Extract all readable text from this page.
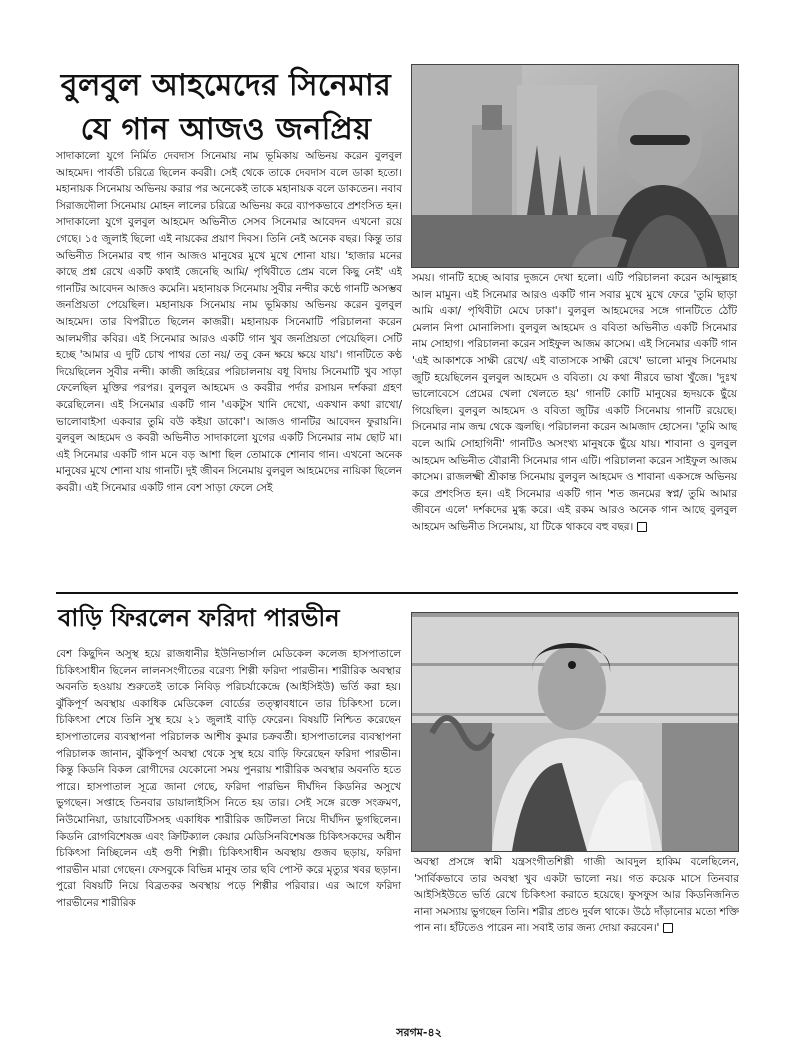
বুলবুল আহমেদের সিনেমার
যে গান আজও জনপ্রিয়

সাদাকালো যুগে নির্মিত দেবদাস সিনেমায় নাম ভূমিকায় অভিনয় করেন বুলবুল আহমেদ। পার্বতী চরিত্রে ছিলেন কবরী। সেই থেকে তাকে দেবদাস বলে ডাকা হতো। মহানায়ক সিনেমায় অভিনয় করার পর অনেকেই তাকে মহানায়ক বলে ডাকতেন। নবাব সিরাজদৌলা সিনেমায় মোহন লালের চরিত্রে অভিনয় করে ব্যাপকভাবে প্রশংসিত হন। সাদাকালো যুগে বুলবুল আহমেদ অভিনীত সেসব সিনেমার আবেদন এখনো রয়ে গেছে। ১৫ জুলাই ছিলো এই নায়কের প্রয়াণ দিবস। তিনি নেই অনেক বছর। কিন্তু তার অভিনীত সিনেমার বহু গান আজও মানুষের মুখে মুখে শোনা যায়। 'হাজার মনের কাছে প্রশ্ন রেখে একটি কথাই জেনেছি আমি/ পৃথিবীতে প্রেম বলে কিছু নেই' এই গানটির আবেদন আজও কমেনি। মহানায়ক সিনেমায় সুবীর নন্দীর কণ্ঠে গানটি অসম্ভব জনপ্রিয়তা পেয়েছিল। মহানায়ক সিনেমায় নাম ভূমিকায় অভিনয় করেন বুলবুল আহমেদ। তার বিপরীতে ছিলেন কাজরী। মহানায়ক সিনেমাটি পরিচালনা করেন আলমগীর কবির। এই সিনেমার আরও একটি গান খুব জনপ্রিয়তা পেয়েছিল। সেটি হচ্ছে 'আমার এ দুটি চোখ পাথর তো নয়/ তবু কেন ক্ষয়ে ক্ষয়ে যায়'। গানটিতে কণ্ঠ দিয়েছিলেন সুবীর নন্দী। কাজী জহিরের পরিচালনায় বধূ বিদায় সিনেমাটি খুব সাড়া ফেলেছিল মুক্তির পরপর। বুলবুল আহমেদ ও কবরীর পর্দার রসায়ন দর্শকরা গ্রহণ করেছিলেন। এই সিনেমার একটি গান 'একটুস খানি দেখো, একখান কথা রাখো/ ভালোবাইসা একবার তুমি বউ কইয়া ডাকো'। আজও গানটির আবেদন ফুরায়নি। বুলবুল আহমেদ ও কবরী অভিনীত সাদাকালো যুগের একটি সিনেমার নাম ছোট মা। এই সিনেমার একটি গান মনে বড় আশা ছিল তোমাকে শোনাব গান। এখনো অনেক মানুষের মুখে শোনা যায় গানটি। দুই জীবন সিনেমায় বুলবুল আহমেদের নায়িকা ছিলেন কবরী। এই সিনেমার একটি গান বেশ সাড়া ফেলে সেই

সময়। গানটি হচ্ছে আবার দুজনে দেখা হলো। এটি পরিচালনা করেন আব্দুল্লাহ আল মামুন। এই সিনেমার আরও একটি গান সবার মুখে মুখে ফেরে 'তুমি ছাড়া আমি একা/ পৃথিবীটা মেঘে ঢাকা'। বুলবুল আহমেদের সঙ্গে গানটিতে ঠোঁট মেলান নিপা মোনালিসা। বুলবুল আহমেদ ও ববিতা অভিনীত একটি সিনেমার নাম সোহাগ। পরিচালনা করেন সাইফুল আজম কাসেম। এই সিনেমার একটি গান 'এই আকাশকে সাক্ষী রেখে/ এই বাতাসকে সাক্ষী রেখে' ভালো মানুষ সিনেমায় জুটি হয়েছিলেন বুলবুল আহমেদ ও ববিতা। যে কথা নীরবে ভাষা খুঁজে। 'দুঃখ ভালোবেসে প্রেমের খেলা খেলতে হয়' গানটি কোটি মানুষের হৃদয়কে ছুঁয়ে গিয়েছিল। বুলবুল আহমেদ ও ববিতা জুটির একটি সিনেমায় গানটি রয়েছে। সিনেমার নাম জন্ম থেকে জ্বলছি। পরিচালনা করেন আমজাদ হোসেন। 'তুমি আছ বলে আমি সোহাগিনী' গানটিও অসংখ্য মানুষকে ছুঁয়ে যায়। শাবানা ও বুলবুল আহমেদ অভিনীত বৌরানী সিনেমার গান এটি। পরিচালনা করেন সাইফুল আজম কাসেম। রাজলক্ষ্মী শ্রীকান্ত সিনেমায় বুলবুল আহমেদ ও শাবানা একসঙ্গে অভিনয় করে প্রশংসিত হন। এই সিনেমার একটি গান 'শত জনমের স্বপ্ন/ তুমি আমার জীবনে এলে' দর্শকদের মুগ্ধ করে। এই রকম আরও অনেক গান আছে বুলবুল আহমেদ অভিনীত সিনেমায়, যা টিকে থাকবে বহু বছর।

বাড়ি ফিরলেন ফরিদা পারভীন

বেশ কিছুদিন অসুস্থ হয়ে রাজধানীর ইউনিভার্সাল মেডিকেল কলেজ হাসপাতালে চিকিৎসাধীন ছিলেন লালনসংগীতের বরেণ্য শিল্পী ফরিদা পারভীন। শারীরিক অবস্থার অবনতি হওয়ায় শুরুতেই তাকে নিবিড় পরিচর্যাকেন্দ্রে (আইসিইউ) ভর্তি করা হয়। ঝুঁকিপূর্ণ অবস্থায় একাধিক মেডিকেল বোর্ডের তত্ত্বাবধানে তার চিকিৎসা চলে। চিকিৎসা শেষে তিনি সুস্থ হয়ে ২১ জুলাই বাড়ি ফেরেন। বিষয়টি নিশ্চিত করেছেন হাসপাতালের ব্যবস্থাপনা পরিচালক আশীষ কুমার চক্রবর্তী। হাসপাতালের ব্যবস্থাপনা পরিচালক জানান, ঝুঁকিপূর্ণ অবস্থা থেকে সুস্থ হয়ে বাড়ি ফিরেছেন ফরিদা পারভীন। কিন্তু কিডনি বিকল রোগীদের যেকোনো সময় পুনরায় শারীরিক অবস্থার অবনতি হতে পারে। হাসপাতাল সূত্রে জানা গেছে, ফরিদা পারভিন দীর্ঘদিন কিডনির অসুখে ভুগছেন। সপ্তাহে তিনবার ডায়ালাইসিস নিতে হয় তার। সেই সঙ্গে রক্তে সংক্রমণ, নিউমোনিয়া, ডায়াবেটিসসহ একাধিক শারীরিক জটিলতা নিয়ে দীর্ঘদিন ভুগছিলেন। কিডনি রোগবিশেষজ্ঞ এবং ক্রিটিক্যাল কেয়ার মেডিসিনবিশেষজ্ঞ চিকিৎসকদের অধীন চিকিৎসা নিচ্ছিলেন এই গুণী শিল্পী। চিকিৎসাধীন অবস্থায় গুজব ছড়ায়, ফরিদা পারভীন মারা গেছেন। ফেসবুকে বিভিন্ন মানুষ তার ছবি পোস্ট করে মৃত্যুর খবর ছড়ান। পুরো বিষয়টি নিয়ে বিব্রতকর অবস্থায় পড়ে শিল্পীর পরিবার। এর আগে ফরিদা পারভীনের শারীরিক

অবস্থা প্রসঙ্গে স্বামী যন্ত্রসংগীতশিল্পী গাজী আবদুল হাকিম বলেছিলেন, 'সার্বিকভাবে তার অবস্থা খুব একটা ভালো নয়। গত কয়েক মাসে তিনবার আইসিইউতে ভর্তি রেখে চিকিৎসা করাতে হয়েছে। ফুসফুস আর কিডনিজনিত নানা সমস্যায় ভুগছেন তিনি। শরীর প্রচণ্ড দুর্বল থাকে। উঠে দাঁড়ানোর মতো শক্তি পান না। হাঁটতেও পারেন না। সবাই তার জন্য দোয়া করবেন।'

সরগম-৪২
